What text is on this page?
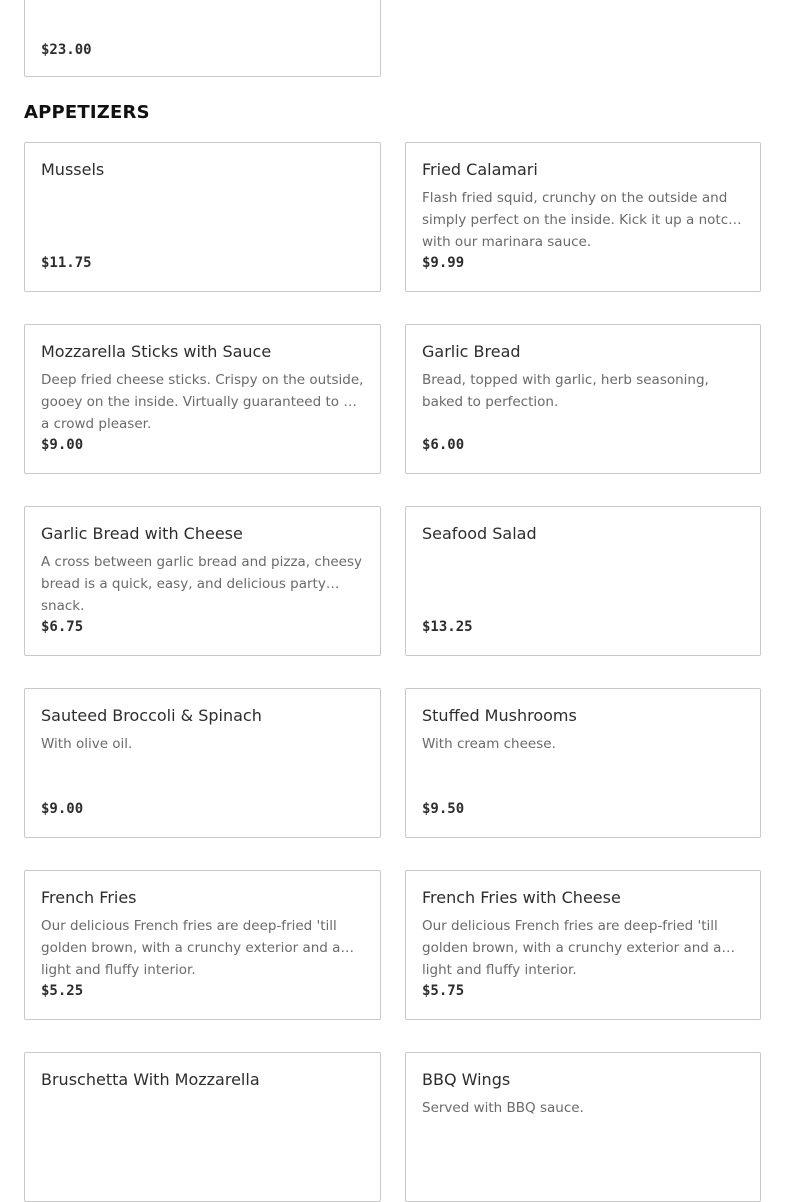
$23.00
APPETIZERS
Mussels
$11.75
Fried Calamari
Flash fried squid, crunchy on the outside and simply perfect on the inside. Kick it up a notch with our marinara sauce.
$9.99
Mozzarella Sticks with Sauce
Deep fried cheese sticks. Crispy on the outside, gooey on the inside. Virtually guaranteed to be a crowd pleaser.
$9.00
Garlic Bread
Bread, topped with garlic, herb seasoning, baked to perfection.
$6.00
Garlic Bread with Cheese
A cross between garlic bread and pizza, cheesy bread is a quick, easy, and delicious party snack.
$6.75
Seafood Salad
$13.25
Sauteed Broccoli & Spinach
With olive oil.
$9.00
Stuffed Mushrooms
With cream cheese.
$9.50
French Fries
Our delicious French fries are deep-fried 'till golden brown, with a crunchy exterior and a light and fluffy interior.
$5.25
French Fries with Cheese
Our delicious French fries are deep-fried 'till golden brown, with a crunchy exterior and a light and fluffy interior.
$5.75
Bruschetta With Mozzarella	BBQ Wings
Served with BBQ sauce.
